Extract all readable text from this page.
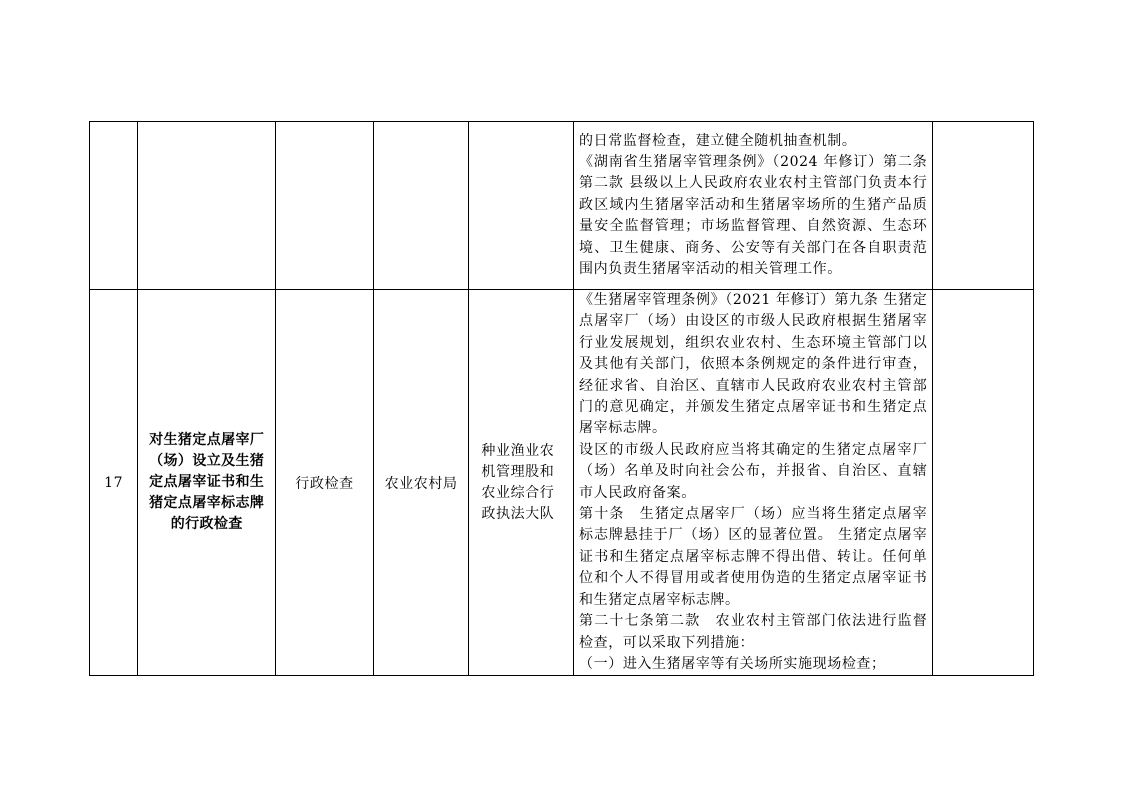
					的日常监督检查，建立健全随机抽查机制。

《湖南省生猪屠宰管理条例》（2024 年修订）第二条第二款 县级以上人民政府农业农村主管部门负责本行政区域内生猪屠宰活动和生猪屠宰场所的生猪产品质量安全监督管理；市场监督管理、自然资源、生态环境、卫生健康、商务、公安等有关部门在各自职责范围内负责生猪屠宰活动的相关管理工作。	

17	对生猪定点屠宰厂（场）设立及生猪定点屠宰证书和生猪定点屠宰标志牌的行政检查	行政检查	农业农村局	种业渔业农机管理股和农业综合行政执法大队	《生猪屠宰管理条例》（2021 年修订）第九条 生猪定点屠宰厂（场）由设区的市级人民政府根据生猪屠宰行业发展规划，组织农业农村、生态环境主管部门以及其他有关部门，依照本条例规定的条件进行审查，经征求省、自治区、直辖市人民政府农业农村主管部门的意见确定，并颁发生猪定点屠宰证书和生猪定点屠宰标志牌。

设区的市级人民政府应当将其确定的生猪定点屠宰厂（场）名单及时向社会公布，并报省、自治区、直辖市人民政府备案。

第十条　生猪定点屠宰厂（场）应当将生猪定点屠宰标志牌悬挂于厂（场）区的显著位置。 生猪定点屠宰证书和生猪定点屠宰标志牌不得出借、转让。任何单位和个人不得冒用或者使用伪造的生猪定点屠宰证书和生猪定点屠宰标志牌。

第二十七条第二款　农业农村主管部门依法进行监督检查，可以采取下列措施：

（一）进入生猪屠宰等有关场所实施现场检查；	
